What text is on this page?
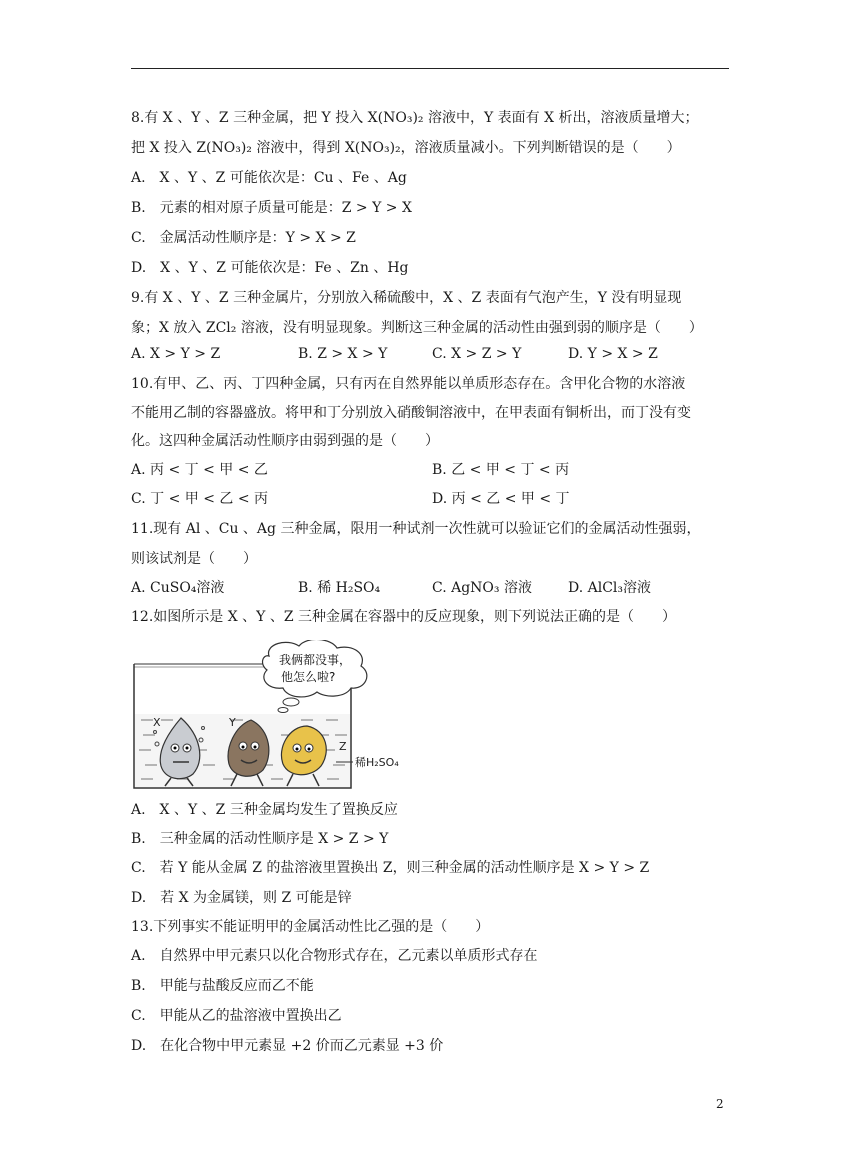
8.有 X 、Y 、Z 三种金属，把 Y 投入 X(NO₃)₂ 溶液中，Y 表面有 X 析出，溶液质量增大；
把 X 投入 Z(NO₃)₂ 溶液中，得到 X(NO₃)₂，溶液质量减小。下列判断错误的是（　　）
A.　X 、Y 、Z 可能依次是：Cu 、Fe 、Ag
B.　元素的相对原子质量可能是：Z > Y > X
C.　金属活动性顺序是：Y > X > Z
D.　X 、Y 、Z 可能依次是：Fe 、Zn 、Hg
9.有 X 、Y 、Z 三种金属片，分别放入稀硫酸中，X 、Z 表面有气泡产生，Y 没有明显现
象；X 放入 ZCl₂ 溶液，没有明显现象。判断这三种金属的活动性由强到弱的顺序是（　　）
A. X > Y > Z	B. Z > X > Y	C. X > Z > Y	D. Y > X > Z
10.有甲、乙、丙、丁四种金属，只有丙在自然界能以单质形态存在。含甲化合物的水溶液
不能用乙制的容器盛放。将甲和丁分别放入硝酸铜溶液中，在甲表面有铜析出，而丁没有变
化。这四种金属活动性顺序由弱到强的是（　　）
A. 丙 < 丁 < 甲 < 乙	B. 乙 < 甲 < 丁 < 丙
C. 丁 < 甲 < 乙 < 丙	D. 丙 < 乙 < 甲 < 丁
11.现有 Al 、Cu 、Ag 三种金属，限用一种试剂一次性就可以验证它们的金属活动性强弱，
则该试剂是（　　）
A. CuSO₄溶液	B. 稀 H₂SO₄	C. AgNO₃ 溶液	D. AlCl₃溶液
12.如图所示是 X 、Y 、Z 三种金属在容器中的反应现象，则下列说法正确的是（　　）
我俩都没事，
他怎么啦?
X	Y
Z
稀H₂SO₄
A.　X 、Y 、Z 三种金属均发生了置换反应
B.　三种金属的活动性顺序是 X > Z > Y
C.　若 Y 能从金属 Z 的盐溶液里置换出 Z，则三种金属的活动性顺序是 X > Y > Z
D.　若 X 为金属镁，则 Z 可能是锌
13.下列事实不能证明甲的金属活动性比乙强的是（　　）
A.　自然界中甲元素只以化合物形式存在，乙元素以单质形式存在
B.　甲能与盐酸反应而乙不能
C.　甲能从乙的盐溶液中置换出乙
D.　在化合物中甲元素显 +2 价而乙元素显 +3 价
2
